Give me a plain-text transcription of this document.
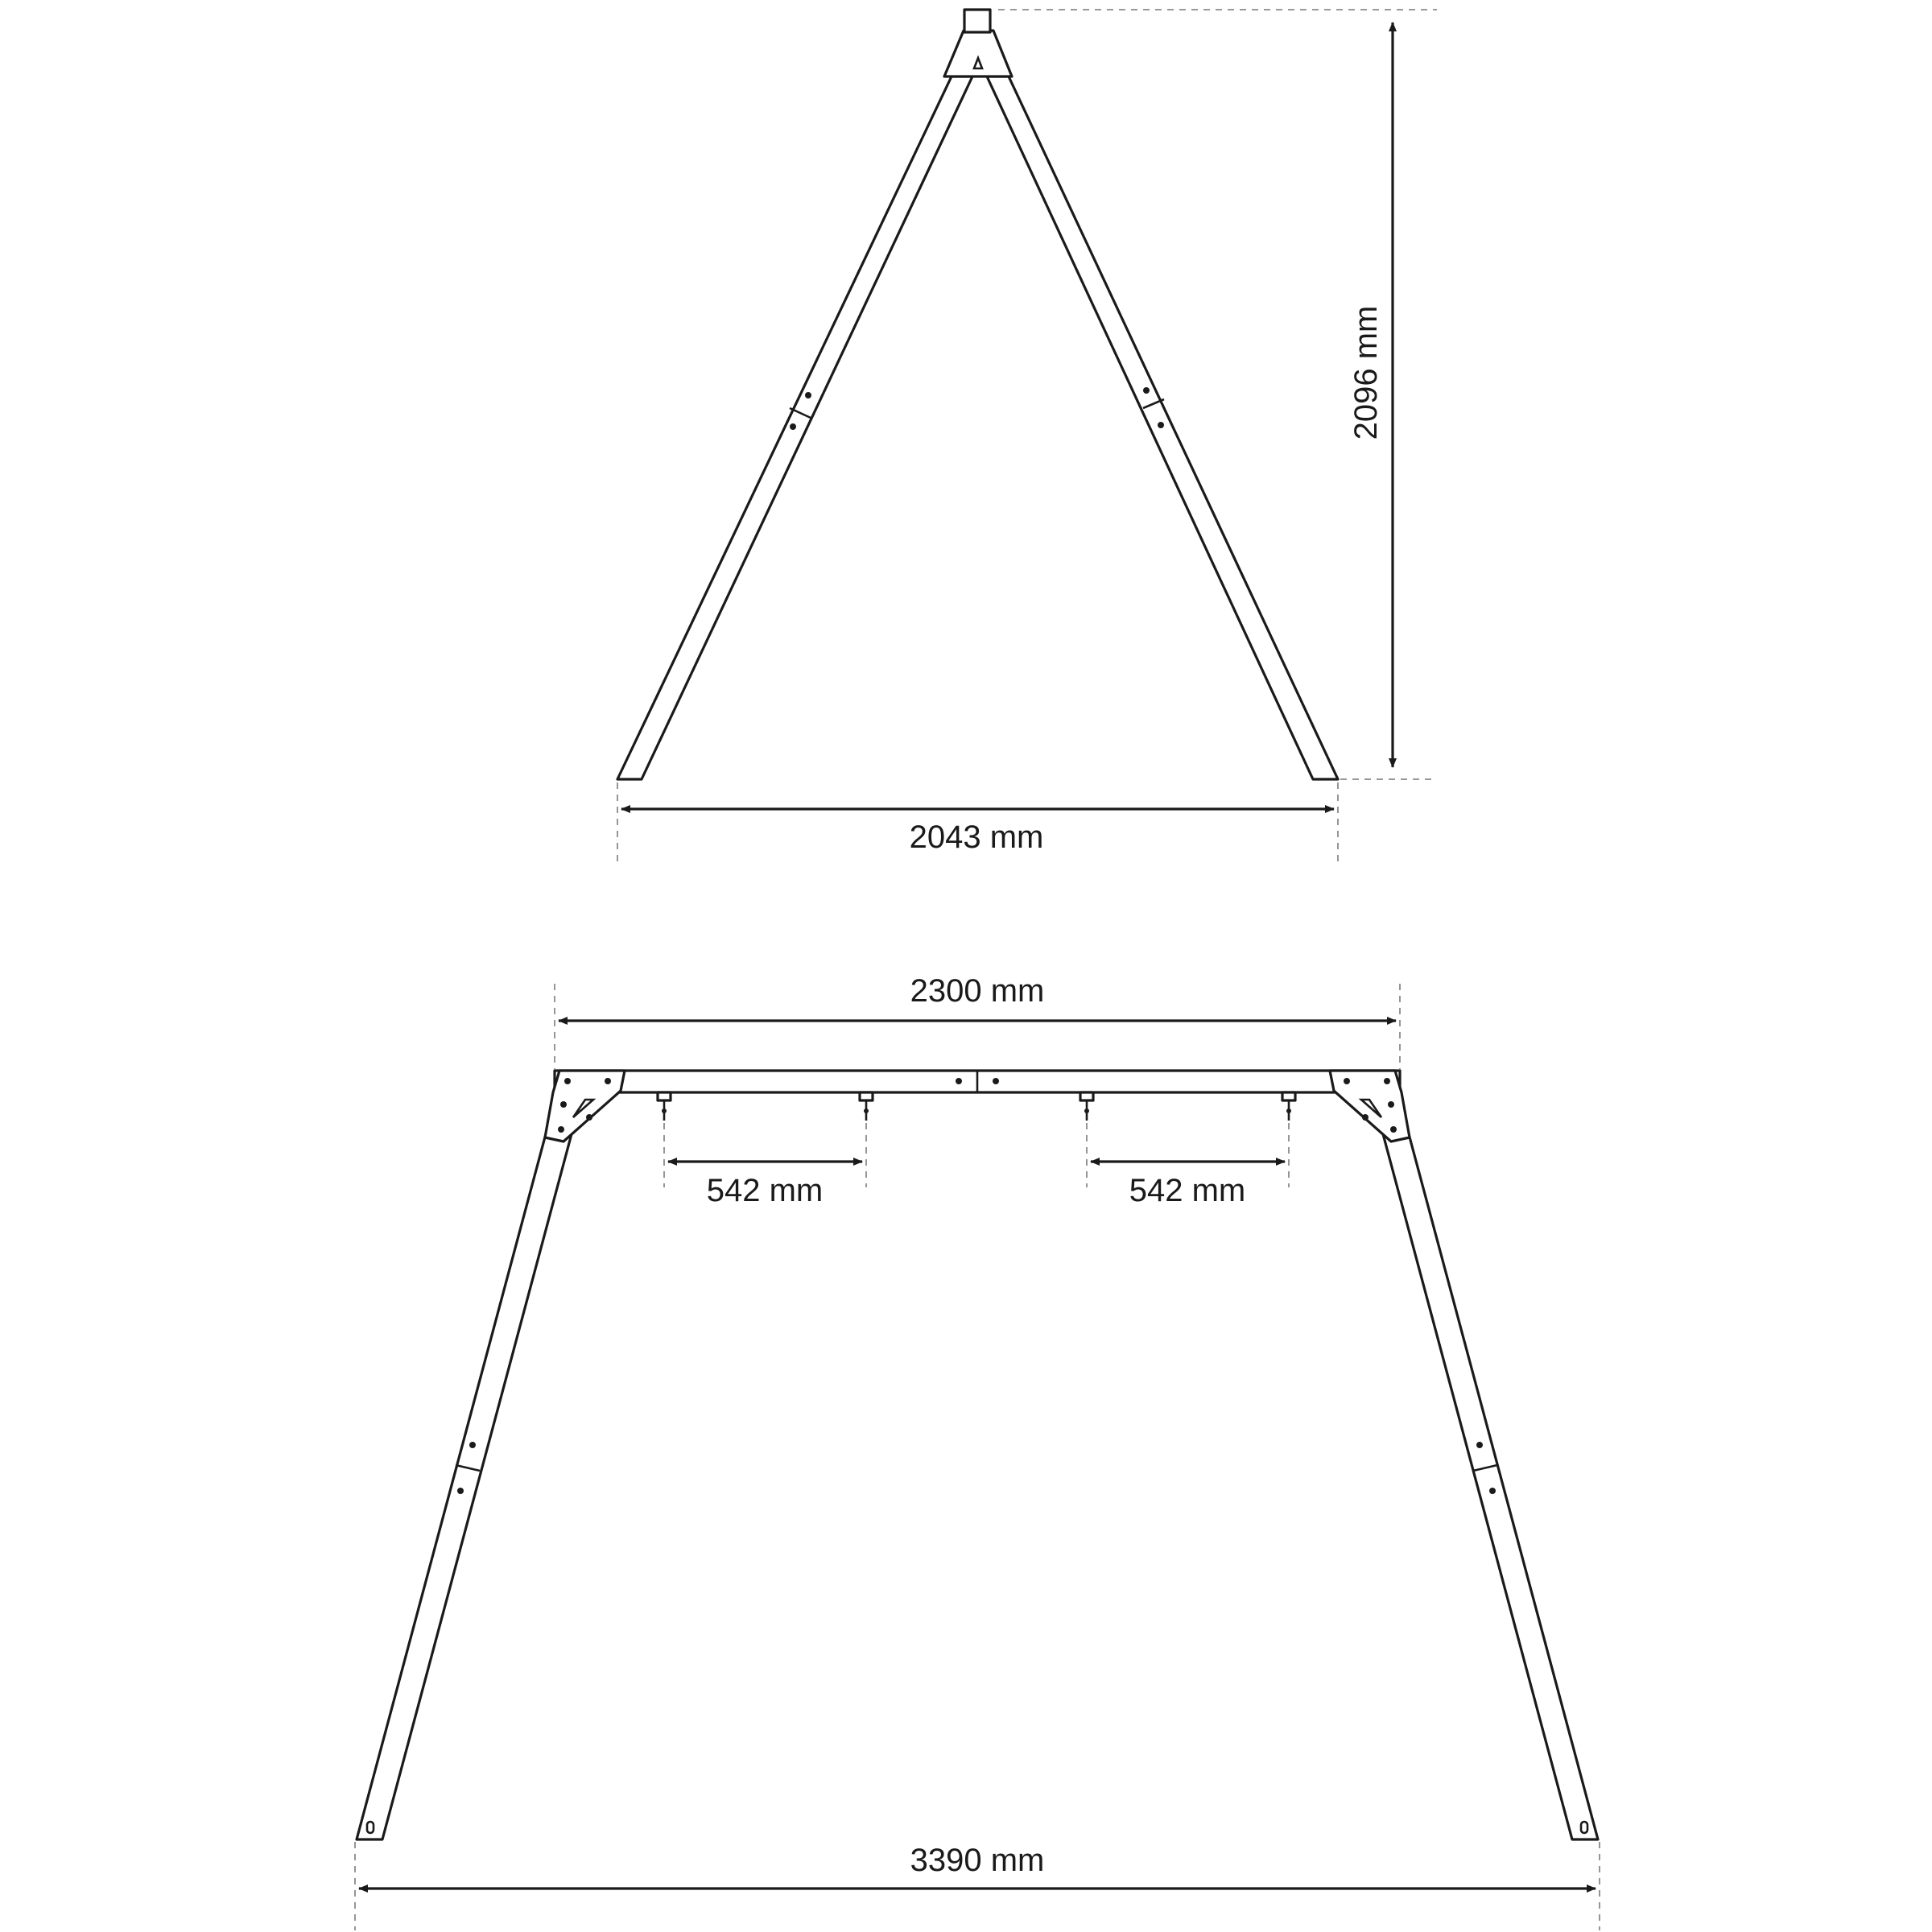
2096 mm
2043 mm
2300 mm
542 mm	542 mm
3390 mm
